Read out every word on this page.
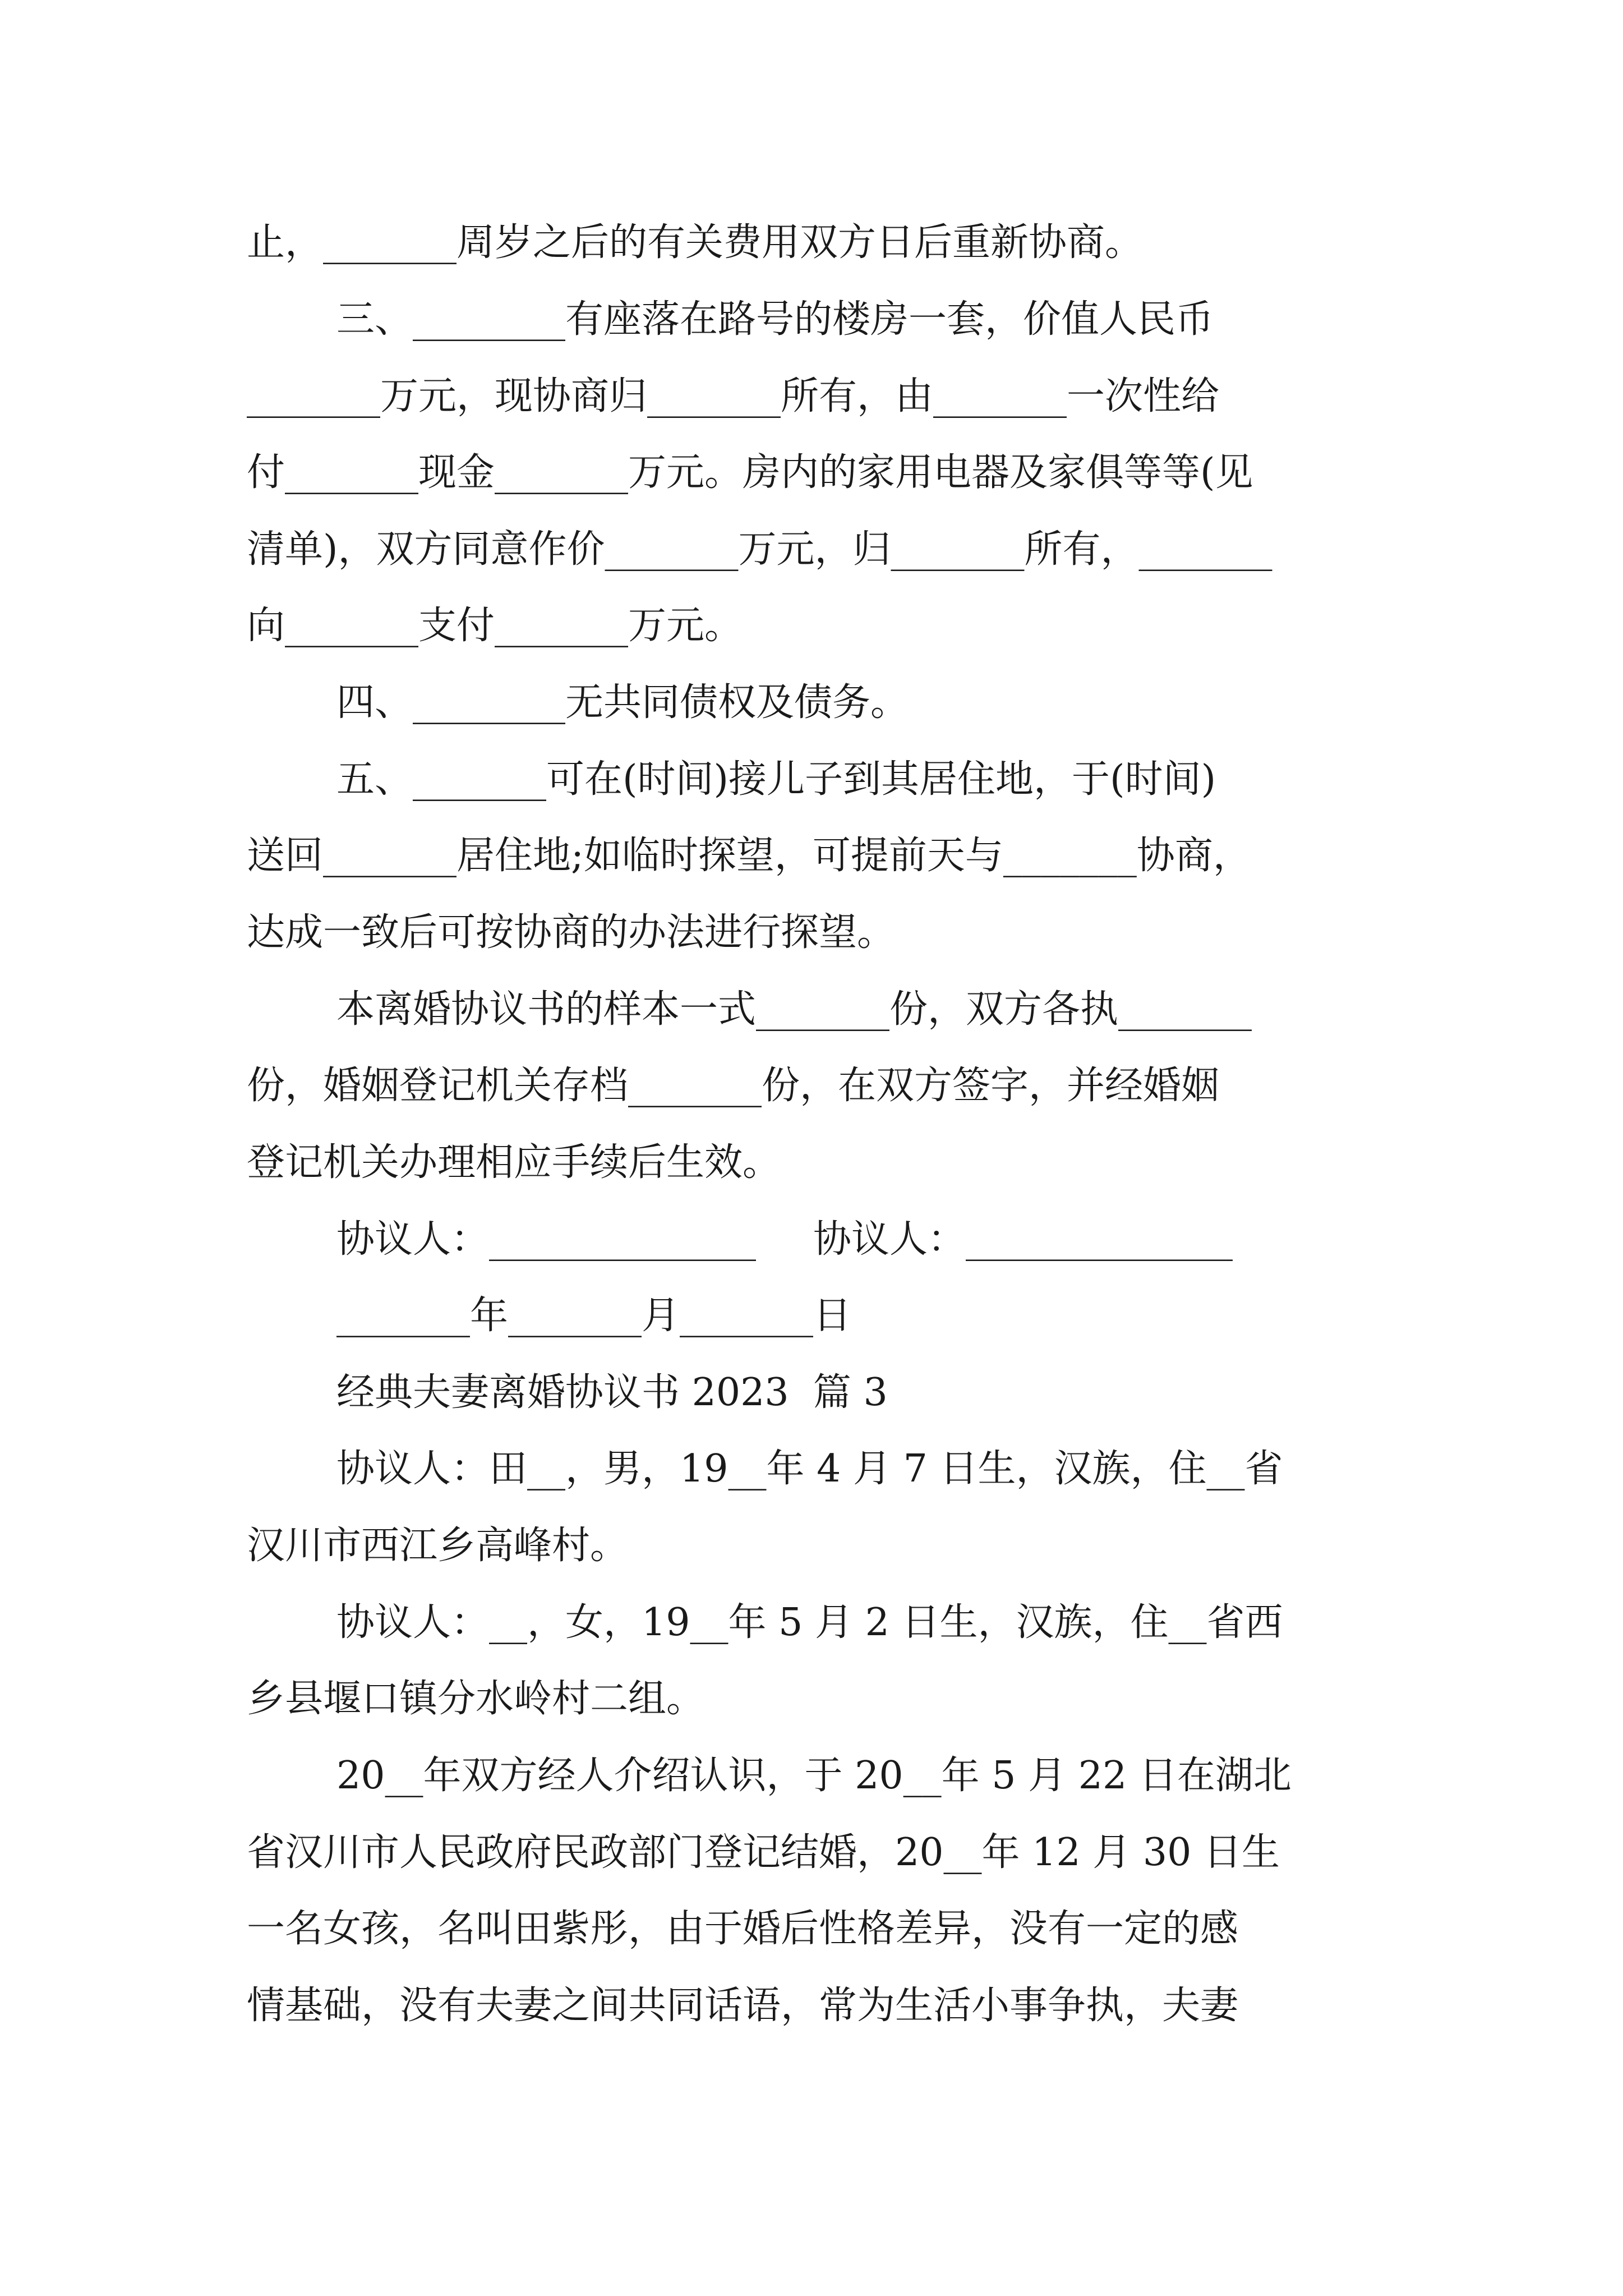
止，_______周岁之后的有关费用双方日后重新协商。
三、________有座落在路号的楼房一套，价值人民币
_______万元，现协商归_______所有，由_______一次性给
付_______现金_______万元。房内的家用电器及家俱等等(见
清单)，双方同意作价_______万元，归_______所有，_______
向_______支付_______万元。
四、________无共同债权及债务。
五、_______可在(时间)接儿子到其居住地，于(时间)
送回_______居住地;如临时探望，可提前天与_______协商，
达成一致后可按协商的办法进行探望。
本离婚协议书的样本一式_______份，双方各执_______
份，婚姻登记机关存档_______份，在双方签字，并经婚姻
登记机关办理相应手续后生效。

协议人：______________

协议人：______________

_______年_______月_______日
经典夫妻离婚协议书 2023  篇 3
协议人：田__，男，19__年 4 月 7 日生，汉族，住__省
汉川市西江乡高峰村。
协议人：__，女，19__年 5 月 2 日生，汉族，住__省西
乡县堰口镇分水岭村二组。
20__年双方经人介绍认识，于 20__年 5 月 22 日在湖北
省汉川市人民政府民政部门登记结婚，20__年 12 月 30 日生
一名女孩，名叫田紫彤，由于婚后性格差异，没有一定的感
情基础，没有夫妻之间共同话语，常为生活小事争执，夫妻
